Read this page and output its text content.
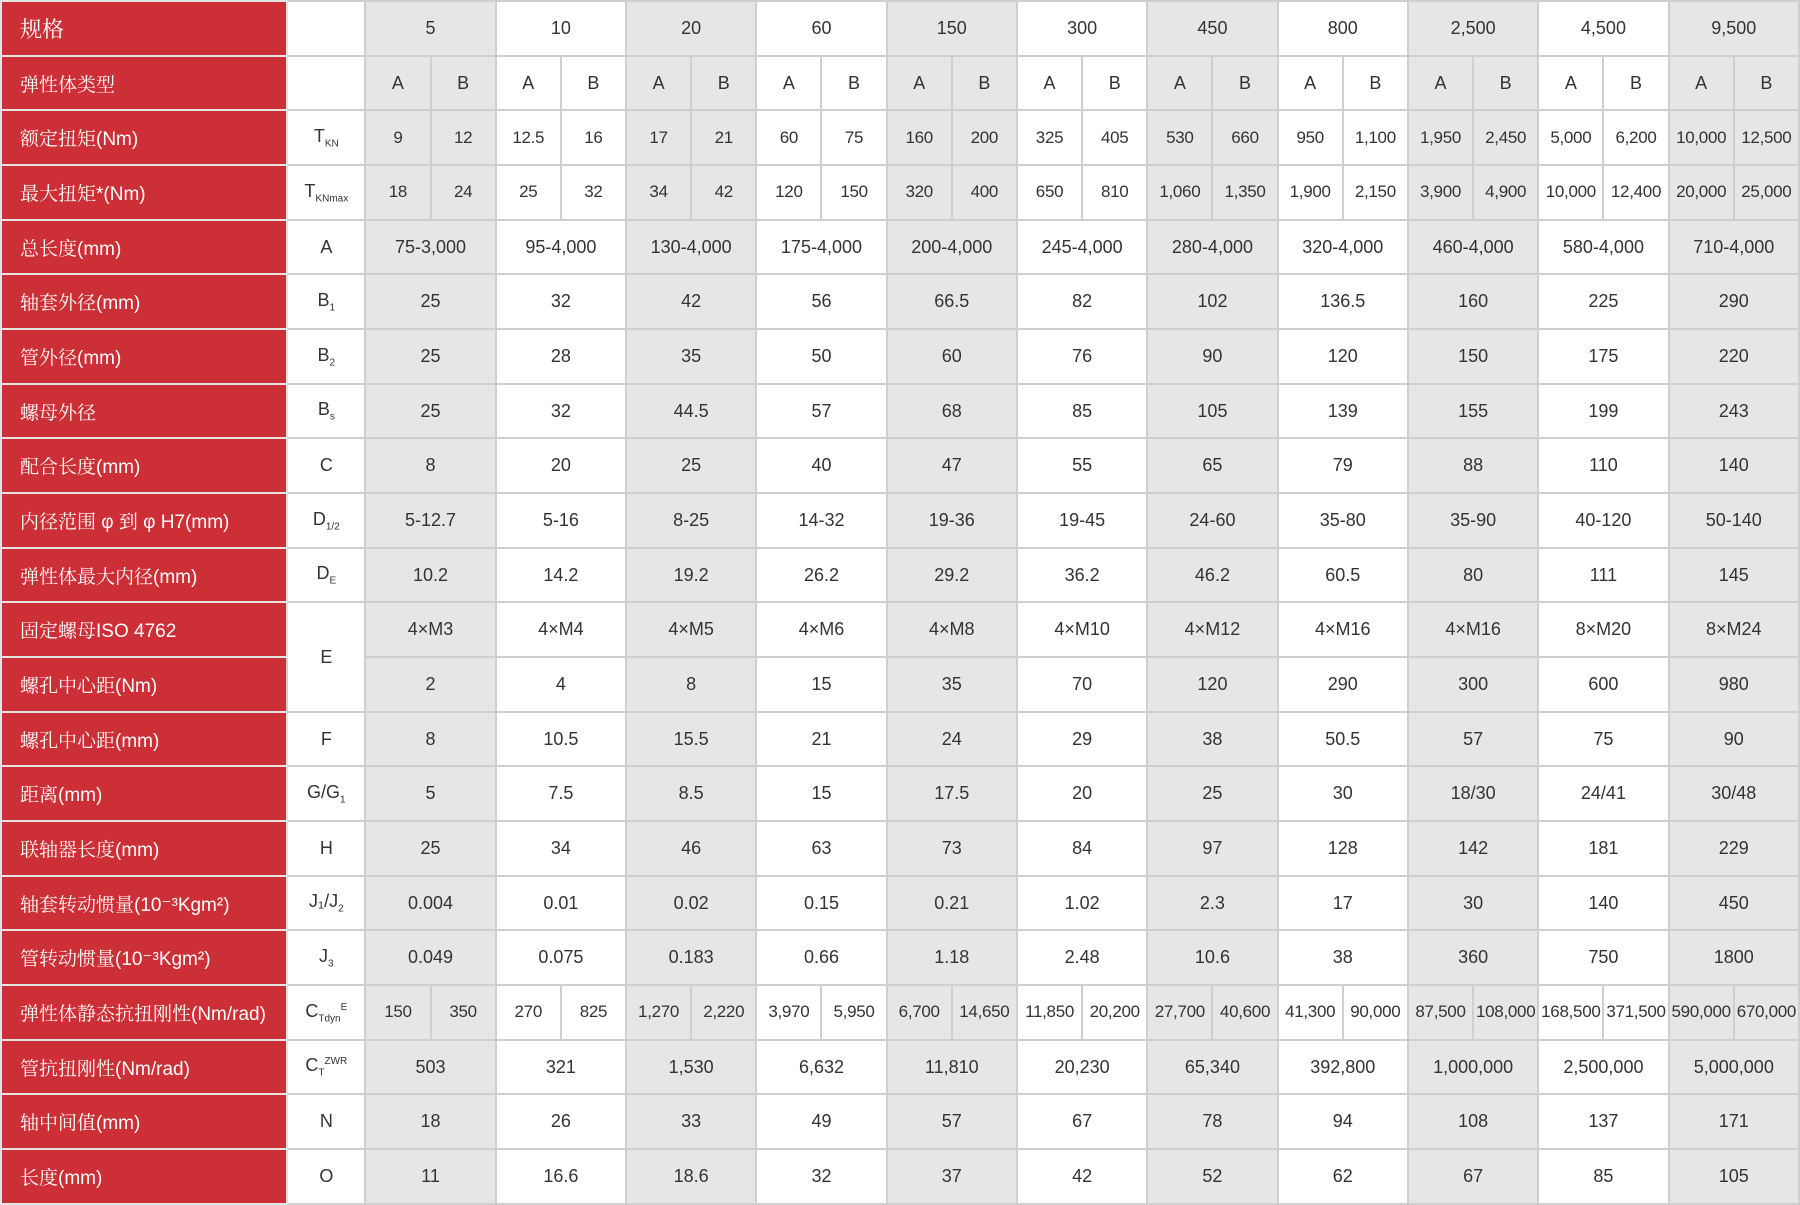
规格		5		10		20		60		150		300		450		800		2,500		4,500		9,500	
弹性体类型		A	B	A	B	A	B	A	B	A	B	A	B	A	B	A	B	A	B	A	B	A	B
额定扭矩(Nm)	$T_{KN}$	9	12	12.5	16	17	21	60	75	160	200	325	405	530	660	950	1,100	1,950	2,450	5,000	6,200	10,000	12,500
最大扭矩*(Nm)	$T_{KNmax}$	18	24	25	32	34	42	120	150	320	400	650	810	1,060	1,350	1,900	2,150	3,900	4,900	10,000	12,400	20,000	25,000
总长度(mm)	A	75-3,000		95-4,000		130-4,000		175-4,000		200-4,000		245-4,000		280-4,000		320-4,000		460-4,000		580-4,000		710-4,000	
轴套外径(mm)	$B_1$	25		32		42		56		66.5		82		102		136.5		160		225		290	
管外径(mm)	$B_2$	25		28		35		50		60		76		90		120		150		175		220	
螺母外径	$B_s$	25		32		44.5		57		68		85		105		139		155		199		243	
配合长度(mm)	C	8		20		25		40		47		55		65		79		88		110		140	
内径范围 φ 到 φ H7(mm)	$D_{1/2}$	5-12.7		5-16		8-25		14-32		19-36		19-45		24-60		35-80		35-90		40-120		50-140	
弹性体最大内径(mm)	$D_E$	10.2		14.2		19.2		26.2		29.2		36.2		46.2		60.5		80		111		145	
固定螺母ISO 4762	E	4×M3		4×M4		4×M5		4×M6		4×M8		4×M10		4×M12		4×M16		4×M16		8×M20		8×M24	
螺孔中心距(Nm)		2		4		8		15		35		70		120		290		300		600		980	
螺孔中心距(mm)	F	8		10.5		15.5		21		24		29		38		50.5		57		75		90	
距离(mm)	$G/G_1$	5		7.5		8.5		15		17.5		20		25		30		18/30		24/41		30/48	
联轴器长度(mm)	H	25		34		46		63		73		84		97		128		142		181		229	
轴套转动惯量(10⁻³Kgm²)	$J_1/J_2$	0.004		0.01		0.02		0.15		0.21		1.02		2.3		17		30		140		450	
管转动惯量(10⁻³Kgm²)	$J_3$	0.049		0.075		0.183		0.66		1.18		2.48		10.6		38		360		750		1800	
弹性体静态抗扭刚性(Nm/rad)	$C_{Tdyn}^E$	150	350	270	825	1,270	2,220	3,970	5,950	6,700	14,650	11,850	20,200	27,700	40,600	41,300	90,000	87,500	108,000	168,500	371,500	590,000	670,000
管抗扭刚性(Nm/rad)	$C_T^{ZWR}$	503		321		1,530		6,632		11,810		20,230		65,340		392,800		1,000,000		2,500,000		5,000,000	
轴中间值(mm)	N	18		26		33		49		57		67		78		94		108		137		171	
长度(mm)	O	11		16.6		18.6		32		37		42		52		62		67		85		105	
